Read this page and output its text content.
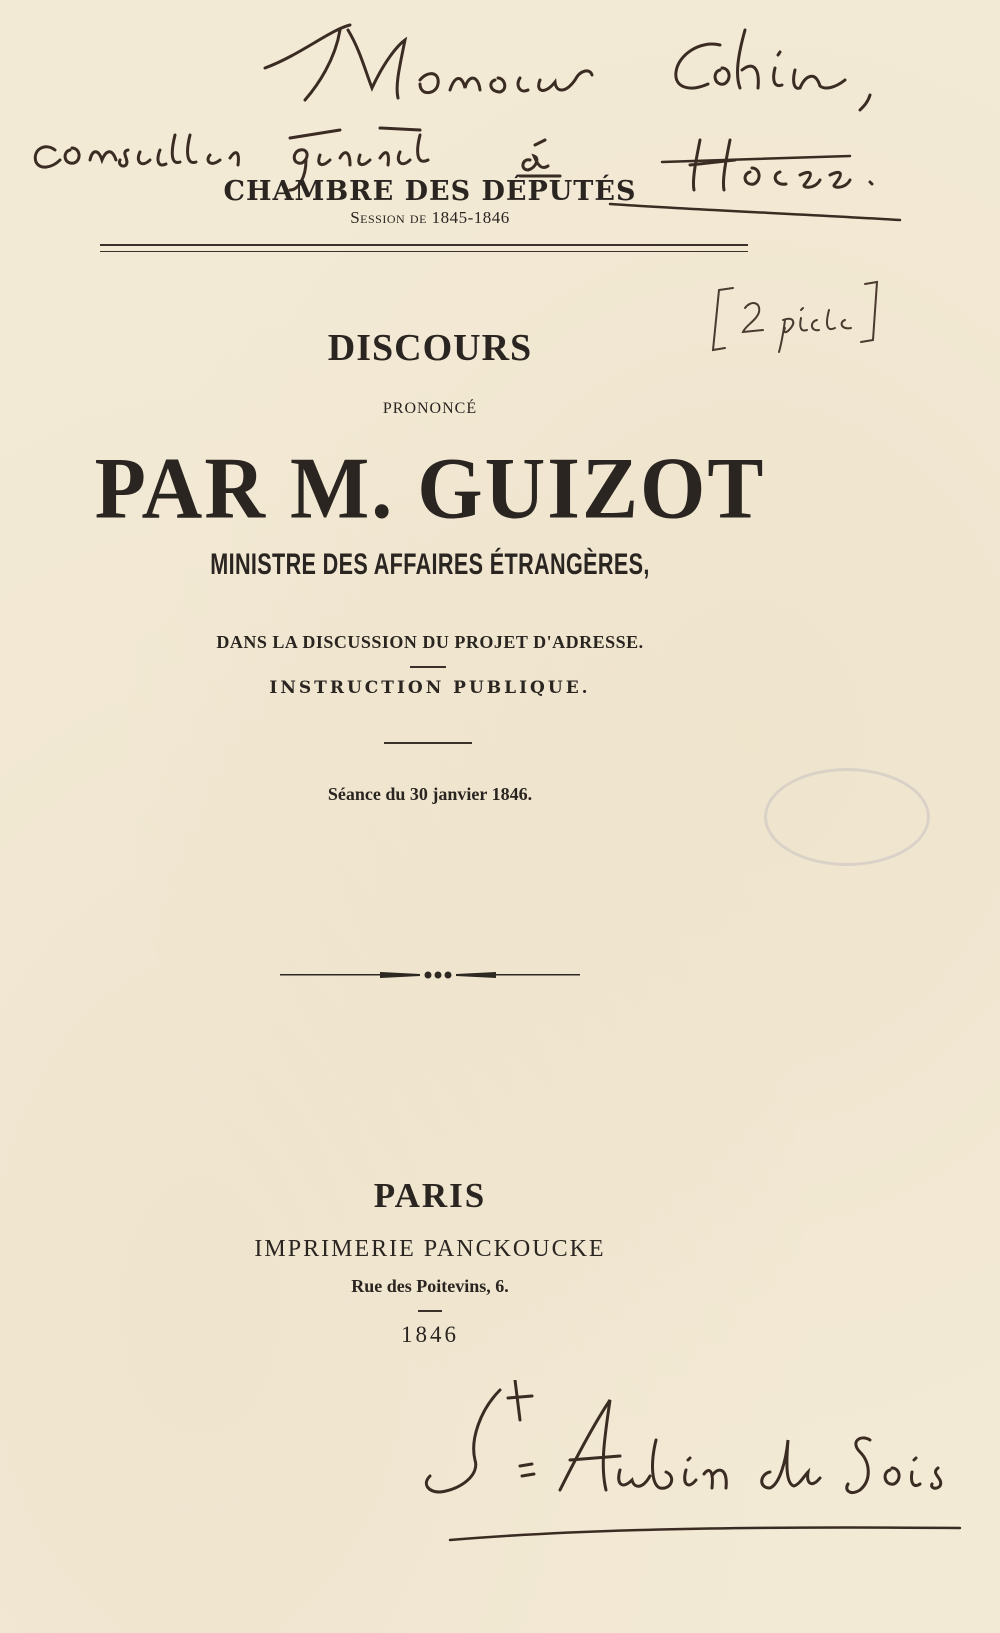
CHAMBRE DES DÉPUTÉS
Session de 1845-1846
DISCOURS
PRONONCÉ
PAR M. GUIZOT
MINISTRE DES AFFAIRES ÉTRANGÈRES,
DANS LA DISCUSSION DU PROJET D'ADRESSE.
INSTRUCTION PUBLIQUE.
Séance du 30 janvier 1846.
PARIS
IMPRIMERIE PANCKOUCKE
Rue des Poitevins, 6.
1846
